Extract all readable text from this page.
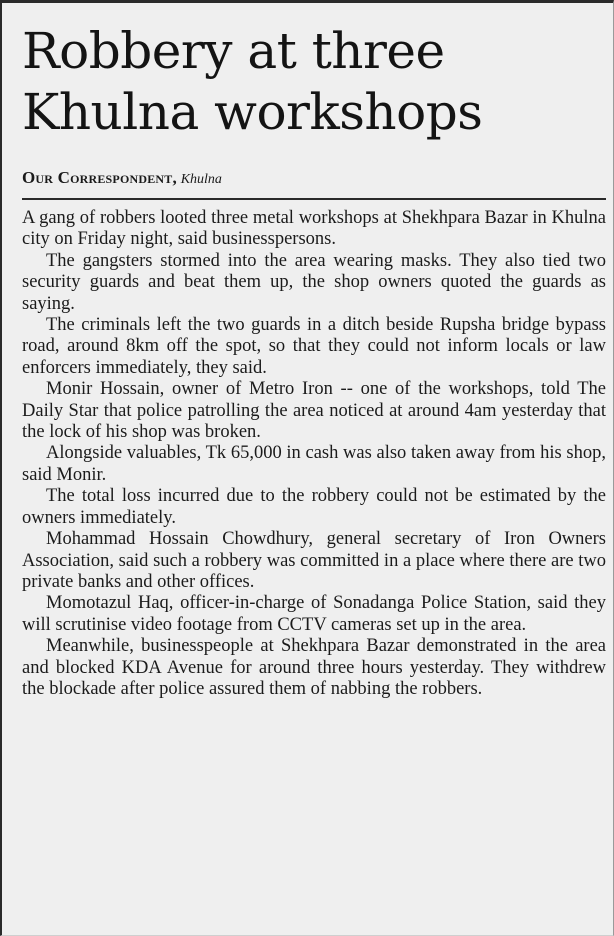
Robbery at three Khulna workshops
Our Correspondent, Khulna

A gang of robbers looted three metal workshops at Shekhpara Bazar in Khulna city on Friday night, said businesspersons.

The gangsters stormed into the area wearing masks. They also tied two security guards and beat them up, the shop owners quoted the guards as saying.

The criminals left the two guards in a ditch beside Rupsha bridge bypass road, around 8km off the spot, so that they could not inform locals or law enforcers immediately, they said.

Monir Hossain, owner of Metro Iron -- one of the workshops, told The Daily Star that police patrolling the area noticed at around 4am yesterday that the lock of his shop was broken.

Alongside valuables, Tk 65,000 in cash was also taken away from his shop, said Monir.

The total loss incurred due to the robbery could not be estimated by the owners immediately.

Mohammad Hossain Chowdhury, general secretary of Iron Owners Association, said such a robbery was committed in a place where there are two private banks and other offices.

Momotazul Haq, officer-in-charge of Sonadanga Police Station, said they will scrutinise video footage from CCTV cameras set up in the area.

Meanwhile, businesspeople at Shekhpara Bazar demonstrated in the area and blocked KDA Avenue for around three hours yesterday. They withdrew the blockade after police assured them of nabbing the robbers.
